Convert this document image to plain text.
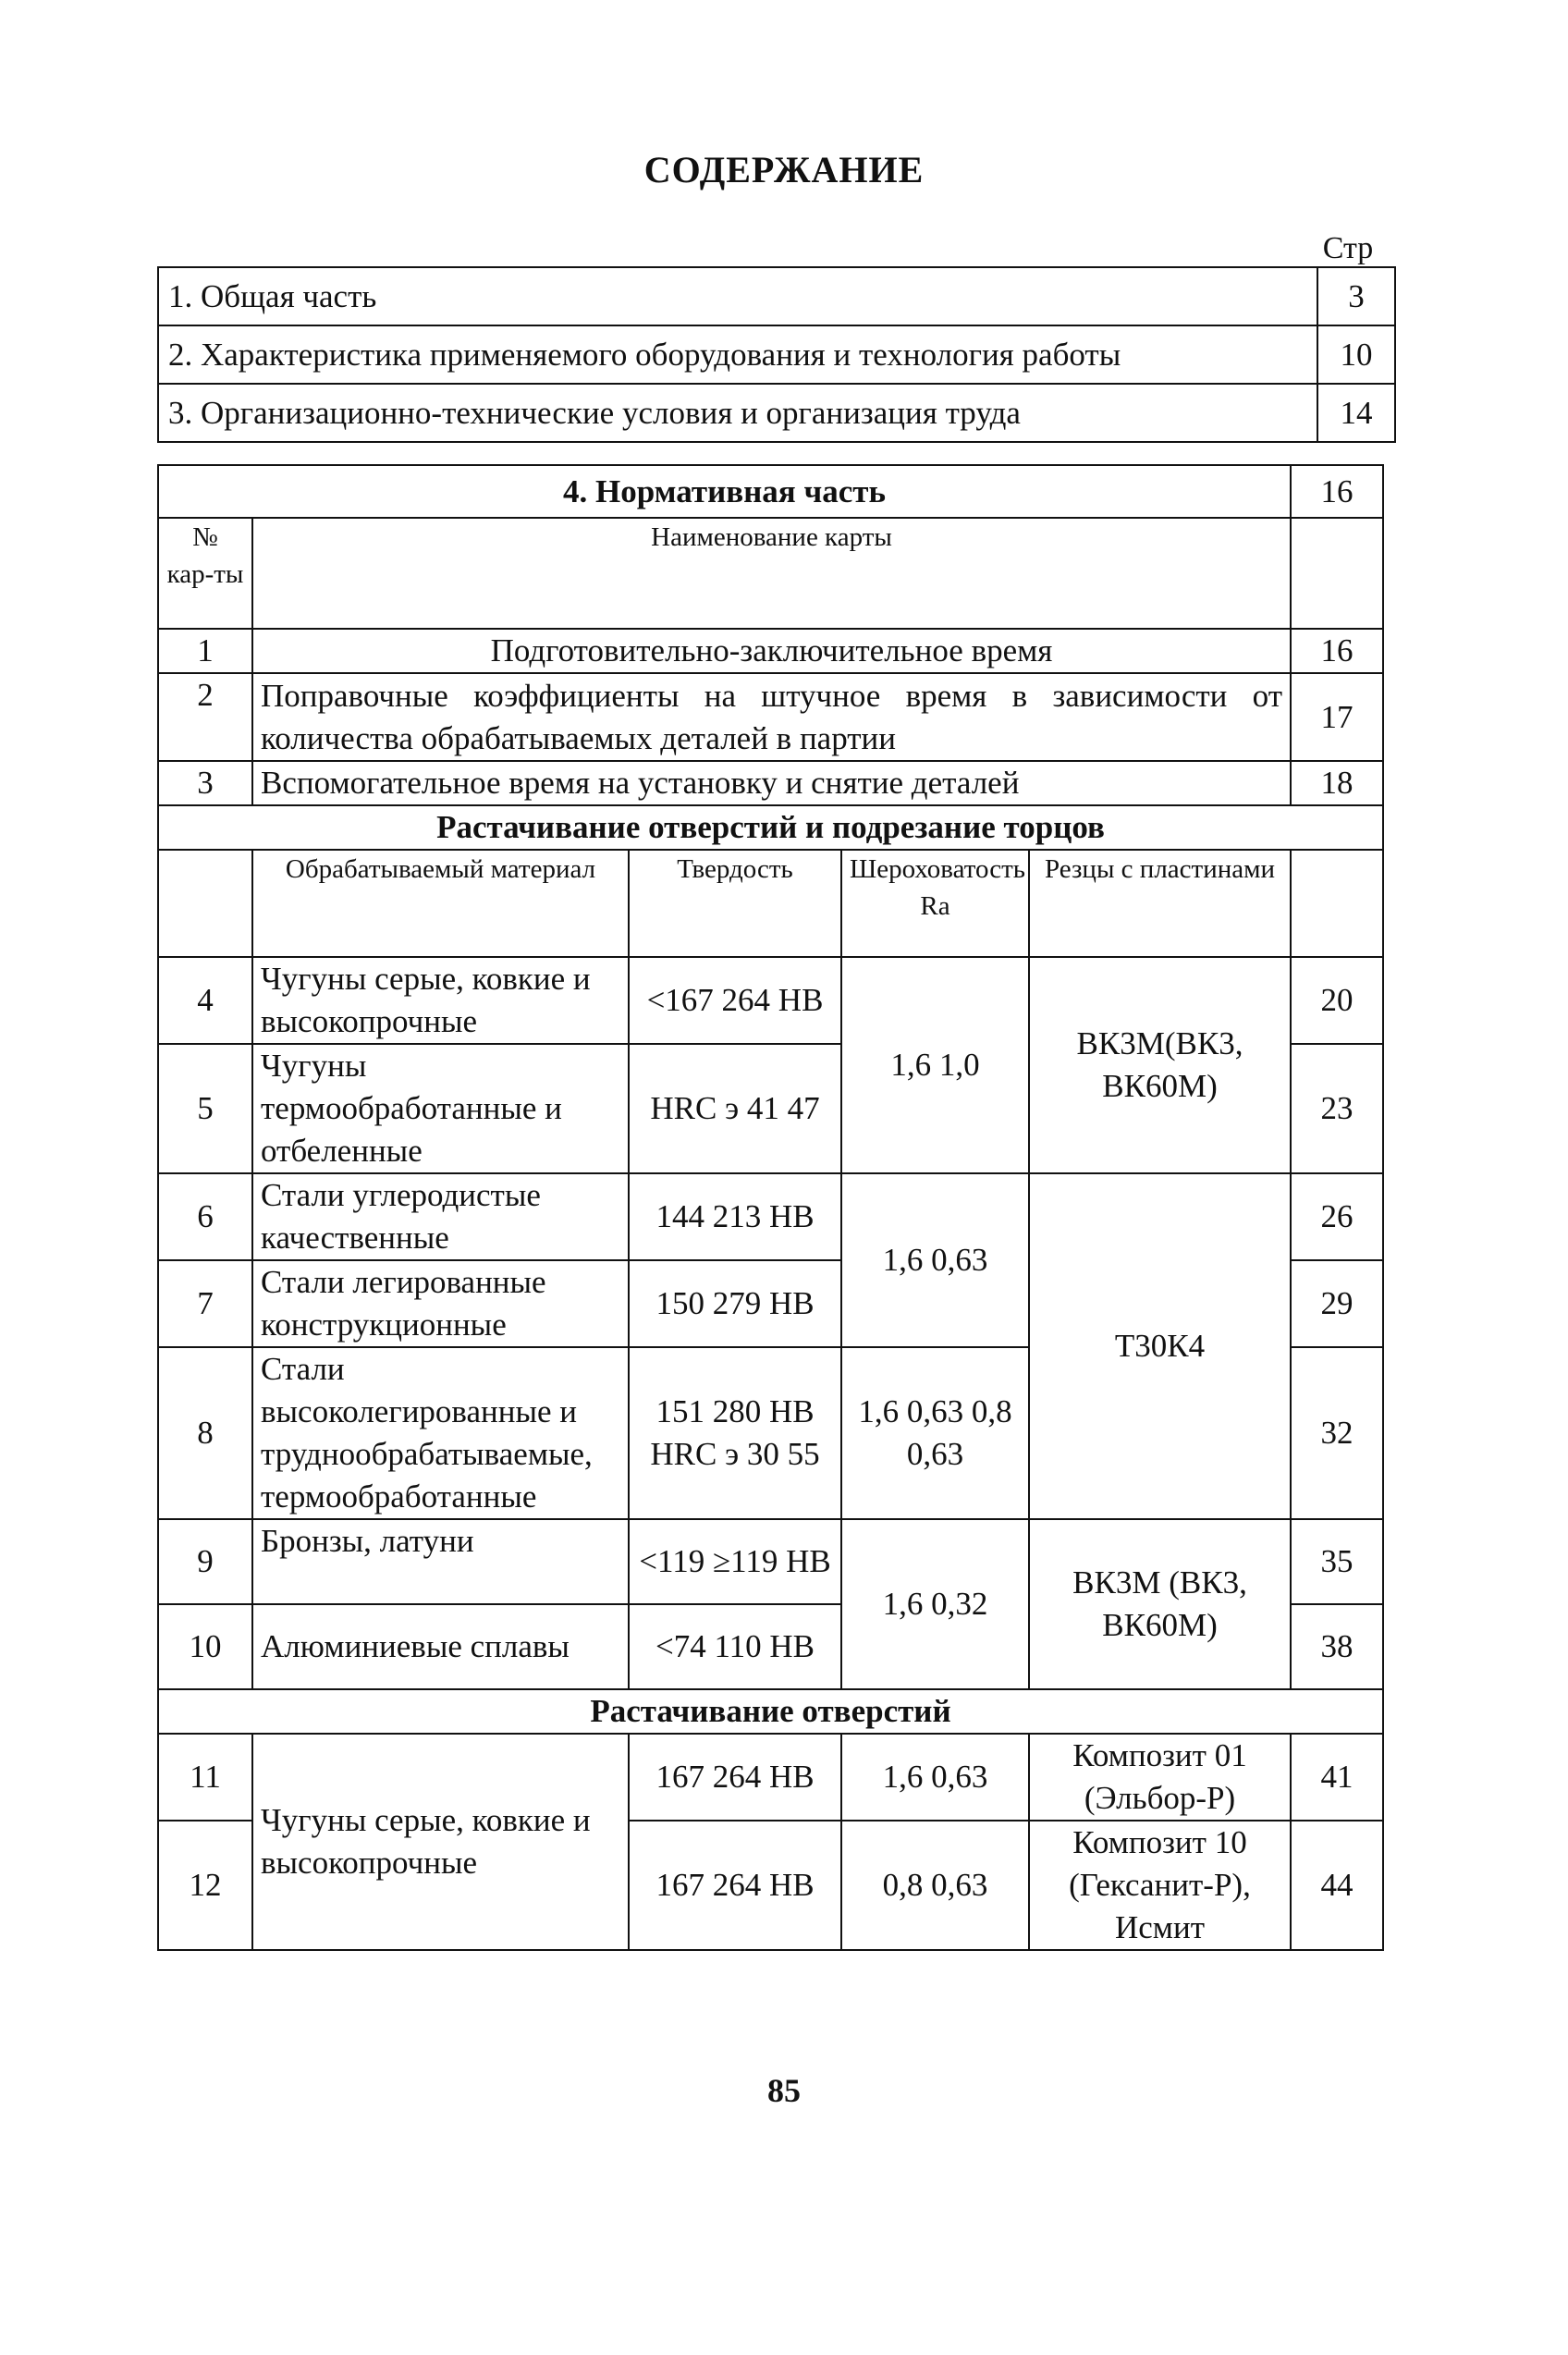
СОДЕРЖАНИЕ
Стр
1. Общая часть	3
2. Характеристика применяемого оборудования и технология работы	10
3. Организационно-технические условия и организация труда	14
4. Нормативная часть					16
№ кар-ты	Наименование карты				
1	Подготовительно-заключительное время				16
2	Поправочные коэффициенты на штучное время в зависимости от количества обрабатываемых деталей в партии				17
3	Вспомогательное время на установку и снятие деталей				18
Растачивание отверстий и подрезание торцов					
	Обрабатываемый материал	Твердость	Шероховатость Ra	Резцы с пластинами	
4	Чугуны серые, ковкие и высокопрочные	<167 264 НВ	1,6 1,0	ВК3М(ВК3, ВК60М)	20
5	Чугуны термообработанные и отбеленные	HRC э 41 47			23
6	Стали углеродистые качественные	144 213 НВ	1,6 0,63	Т30К4	26
7	Стали легированные конструкционные	150 279 НВ			29
8	Стали высоколегированные и труднообрабатываемые, термообработанные	151 280 НВ HRC э 30 55	1,6 0,63 0,8 0,63		32
9	Бронзы, латуни	<119 ≥119 НВ	1,6 0,32	ВК3М (ВК3, ВК60М)	35
10	Алюминиевые сплавы	<74 110 НВ			38
Растачивание отверстий					
11	Чугуны серые, ковкие и высокопрочные	167 264 НВ	1,6 0,63	Композит 01 (Эльбор-Р)	41
12		167 264 НВ	0,8 0,63	Композит 10 (Гексанит-Р), Исмит	44
85
